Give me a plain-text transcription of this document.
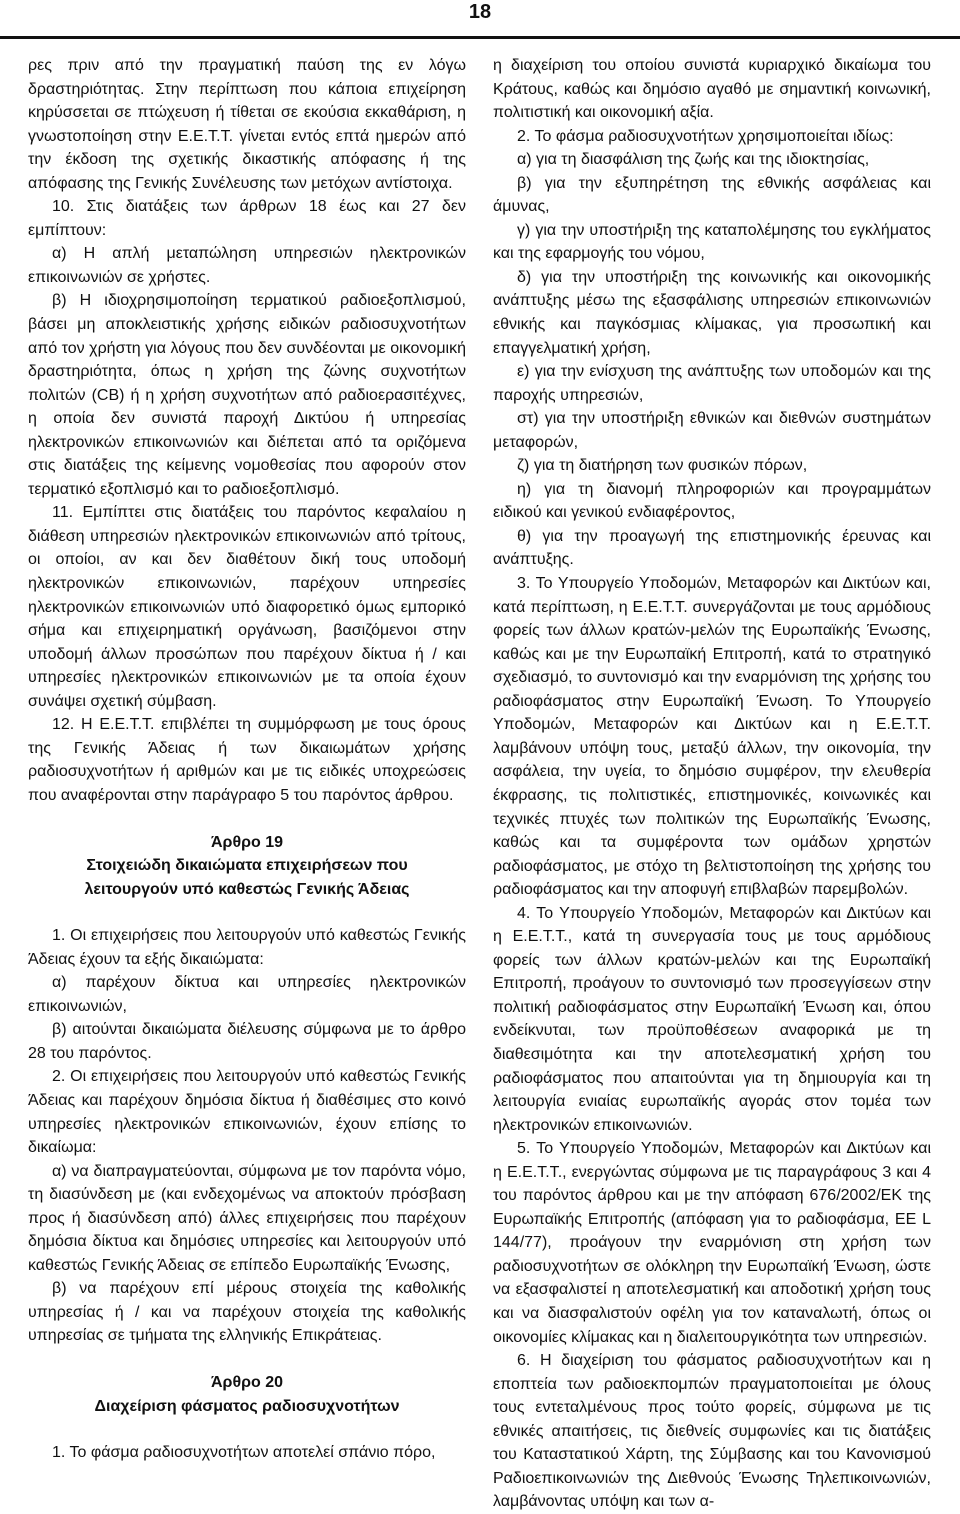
18

ρες πριν από την πραγματική παύση της εν λόγω δραστηριότητας. Στην περίπτωση που κάποια επιχείρηση κηρύσσεται σε πτώχευση ή τίθεται σε εκούσια εκκαθάριση, η γνωστοποίηση στην Ε.Ε.Τ.Τ. γίνεται εντός επτά ημερών από την έκδοση της σχετικής δικαστικής απόφασης ή της απόφασης της Γενικής Συνέλευσης των μετόχων αντίστοιχα.

10. Στις διατάξεις των άρθρων 18 έως και 27 δεν εμπίπτουν:

α) Η απλή μεταπώληση υπηρεσιών ηλεκτρονικών επικοινωνιών σε χρήστες.

β) Η ιδιοχρησιμοποίηση τερματικού ραδιοεξοπλισμού, βάσει μη αποκλειστικής χρήσης ειδικών ραδιοσυχνοτήτων από τον χρήστη για λόγους που δεν συνδέονται με οικονομική δραστηριότητα, όπως η χρήση της ζώνης συχνοτήτων πολιτών (CB) ή η χρήση συχνοτήτων από ραδιοερασιτέχνες, η οποία δεν συνιστά παροχή Δικτύου ή υπηρεσίας ηλεκτρονικών επικοινωνιών και διέπεται από τα οριζόμενα στις διατάξεις της κείμενης νομοθεσίας που αφορούν στον τερματικό εξοπλισμό και το ραδιοεξοπλισμό.

11. Εμπίπτει στις διατάξεις του παρόντος κεφαλαίου η διάθεση υπηρεσιών ηλεκτρονικών επικοινωνιών από τρίτους, οι οποίοι, αν και δεν διαθέτουν δική τους υποδομή ηλεκτρονικών επικοινωνιών, παρέχουν υπηρεσίες ηλεκτρονικών επικοινωνιών υπό διαφορετικό όμως εμπορικό σήμα και επιχειρηματική οργάνωση, βασιζόμενοι στην υποδομή άλλων προσώπων που παρέχουν δίκτυα ή / και υπηρεσίες ηλεκτρονικών επικοινωνιών με τα οποία έχουν συνάψει σχετική σύμβαση.

12. Η Ε.Ε.Τ.Τ. επιβλέπει τη συμμόρφωση με τους όρους της Γενικής Άδειας ή των δικαιωμάτων χρήσης ραδιοσυχνοτήτων ή αριθμών και με τις ειδικές υποχρεώσεις που αναφέρονται στην παράγραφο 5 του παρόντος άρθρου.

Άρθρο 19

Στοιχειώδη δικαιώματα επιχειρήσεων που

λειτουργούν υπό καθεστώς Γενικής Άδειας

1. Οι επιχειρήσεις που λειτουργούν υπό καθεστώς Γενικής Άδειας έχουν τα εξής δικαιώματα:

α) παρέχουν δίκτυα και υπηρεσίες ηλεκτρονικών επικοινωνιών,

β) αιτούνται δικαιώματα διέλευσης σύμφωνα με το άρθρο 28 του παρόντος.

2. Οι επιχειρήσεις που λειτουργούν υπό καθεστώς Γενικής Άδειας και παρέχουν δημόσια δίκτυα ή διαθέσιμες στο κοινό υπηρεσίες ηλεκτρονικών επικοινωνιών, έχουν επίσης το δικαίωμα:

α) να διαπραγματεύονται, σύμφωνα με τον παρόντα νόμο, τη διασύνδεση με (και ενδεχομένως να αποκτούν πρόσβαση προς ή διασύνδεση από) άλλες επιχειρήσεις που παρέχουν δημόσια δίκτυα και δημόσιες υπηρεσίες και λειτουργούν υπό καθεστώς Γενικής Άδειας σε επίπεδο Ευρωπαϊκής Ένωσης,

β) να παρέχουν επί μέρους στοιχεία της καθολικής υπηρεσίας ή / και να παρέχουν στοιχεία της καθολικής υπηρεσίας σε τμήματα της ελληνικής Επικράτειας.

Άρθρο 20

Διαχείριση φάσματος ραδιοσυχνοτήτων

1. Το φάσμα ραδιοσυχνοτήτων αποτελεί σπάνιο πόρο,

η διαχείριση του οποίου συνιστά κυριαρχικό δικαίωμα του Κράτους, καθώς και δημόσιο αγαθό με σημαντική κοινωνική, πολιτιστική και οικονομική αξία.

2. Το φάσμα ραδιοσυχνοτήτων χρησιμοποιείται ιδίως:

α) για τη διασφάλιση της ζωής και της ιδιοκτησίας,

β) για την εξυπηρέτηση της εθνικής ασφάλειας και άμυνας,

γ) για την υποστήριξη της καταπολέμησης του εγκλήματος και της εφαρμογής του νόμου,

δ) για την υποστήριξη της κοινωνικής και οικονομικής ανάπτυξης μέσω της εξασφάλισης υπηρεσιών επικοινωνιών εθνικής και παγκόσμιας κλίμακας, για προσωπική και επαγγελματική χρήση,

ε) για την ενίσχυση της ανάπτυξης των υποδομών και της παροχής υπηρεσιών,

στ) για την υποστήριξη εθνικών και διεθνών συστημάτων μεταφορών,

ζ) για τη διατήρηση των φυσικών πόρων,

η) για τη διανομή πληροφοριών και προγραμμάτων ειδικού και γενικού ενδιαφέροντος,

θ) για την προαγωγή της επιστημονικής έρευνας και ανάπτυξης.

3. Το Υπουργείο Υποδομών, Μεταφορών και Δικτύων και, κατά περίπτωση, η Ε.Ε.Τ.Τ. συνεργάζονται με τους αρμόδιους φορείς των άλλων κρατών-μελών της Ευρωπαϊκής Ένωσης, καθώς και με την Ευρωπαϊκή Επιτροπή, κατά το στρατηγικό σχεδιασμό, το συντονισμό και την εναρμόνιση της χρήσης του ραδιοφάσματος στην Ευρωπαϊκή Ένωση. Το Υπουργείο Υποδομών, Μεταφορών και Δικτύων και η Ε.Ε.Τ.Τ. λαμβάνουν υπόψη τους, μεταξύ άλλων, την οικονομία, την ασφάλεια, την υγεία, το δημόσιο συμφέρον, την ελευθερία έκφρασης, τις πολιτιστικές, επιστημονικές, κοινωνικές και τεχνικές πτυχές των πολιτικών της Ευρωπαϊκής Ένωσης, καθώς και τα συμφέροντα των ομάδων χρηστών ραδιοφάσματος, με στόχο τη βελτιστοποίηση της χρήσης του ραδιοφάσματος και την αποφυγή επιβλαβών παρεμβολών.

4. Το Υπουργείο Υποδομών, Μεταφορών και Δικτύων και η Ε.Ε.Τ.Τ., κατά τη συνεργασία τους με τους αρμόδιους φορείς των άλλων κρατών-μελών και της Ευρωπαϊκή Επιτροπή, προάγουν το συντονισμό των προσεγγίσεων στην πολιτική ραδιοφάσματος στην Ευρωπαϊκή Ένωση και, όπου ενδείκνυται, των προϋποθέσεων αναφορικά με τη διαθεσιμότητα και την αποτελεσματική χρήση του ραδιοφάσματος που απαιτούνται για τη δημιουργία και τη λειτουργία ενιαίας ευρωπαϊκής αγοράς στον τομέα των ηλεκτρονικών επικοινωνιών.

5. Το Υπουργείο Υποδομών, Μεταφορών και Δικτύων και η Ε.Ε.Τ.Τ., ενεργώντας σύμφωνα με τις παραγράφους 3 και 4 του παρόντος άρθρου και με την απόφαση 676/2002/ΕΚ της Ευρωπαϊκής Επιτροπής (απόφαση για το ραδιοφάσμα, ΕΕ L 144/77), προάγουν την εναρμόνιση στη χρήση των ραδιοσυχνοτήτων σε ολόκληρη την Ευρωπαϊκή Ένωση, ώστε να εξασφαλιστεί η αποτελεσματική και αποδοτική χρήση τους και να διασφαλιστούν οφέλη για τον καταναλωτή, όπως οι οικονομίες κλίμακας και η διαλειτουργικότητα των υπηρεσιών.

6. Η διαχείριση του φάσματος ραδιοσυχνοτήτων και η εποπτεία των ραδιοεκπομπών πραγματοποιείται με όλους τους εντεταλμένους προς τούτο φορείς, σύμφωνα με τις εθνικές απαιτήσεις, τις διεθνείς συμφωνίες και τις διατάξεις του Καταστατικού Χάρτη, της Σύμβασης και του Κανονισμού Ραδιοεπικοινωνιών της Διεθνούς Ένωσης Τηλεπικοινωνιών, λαμβάνοντας υπόψη και των α-
